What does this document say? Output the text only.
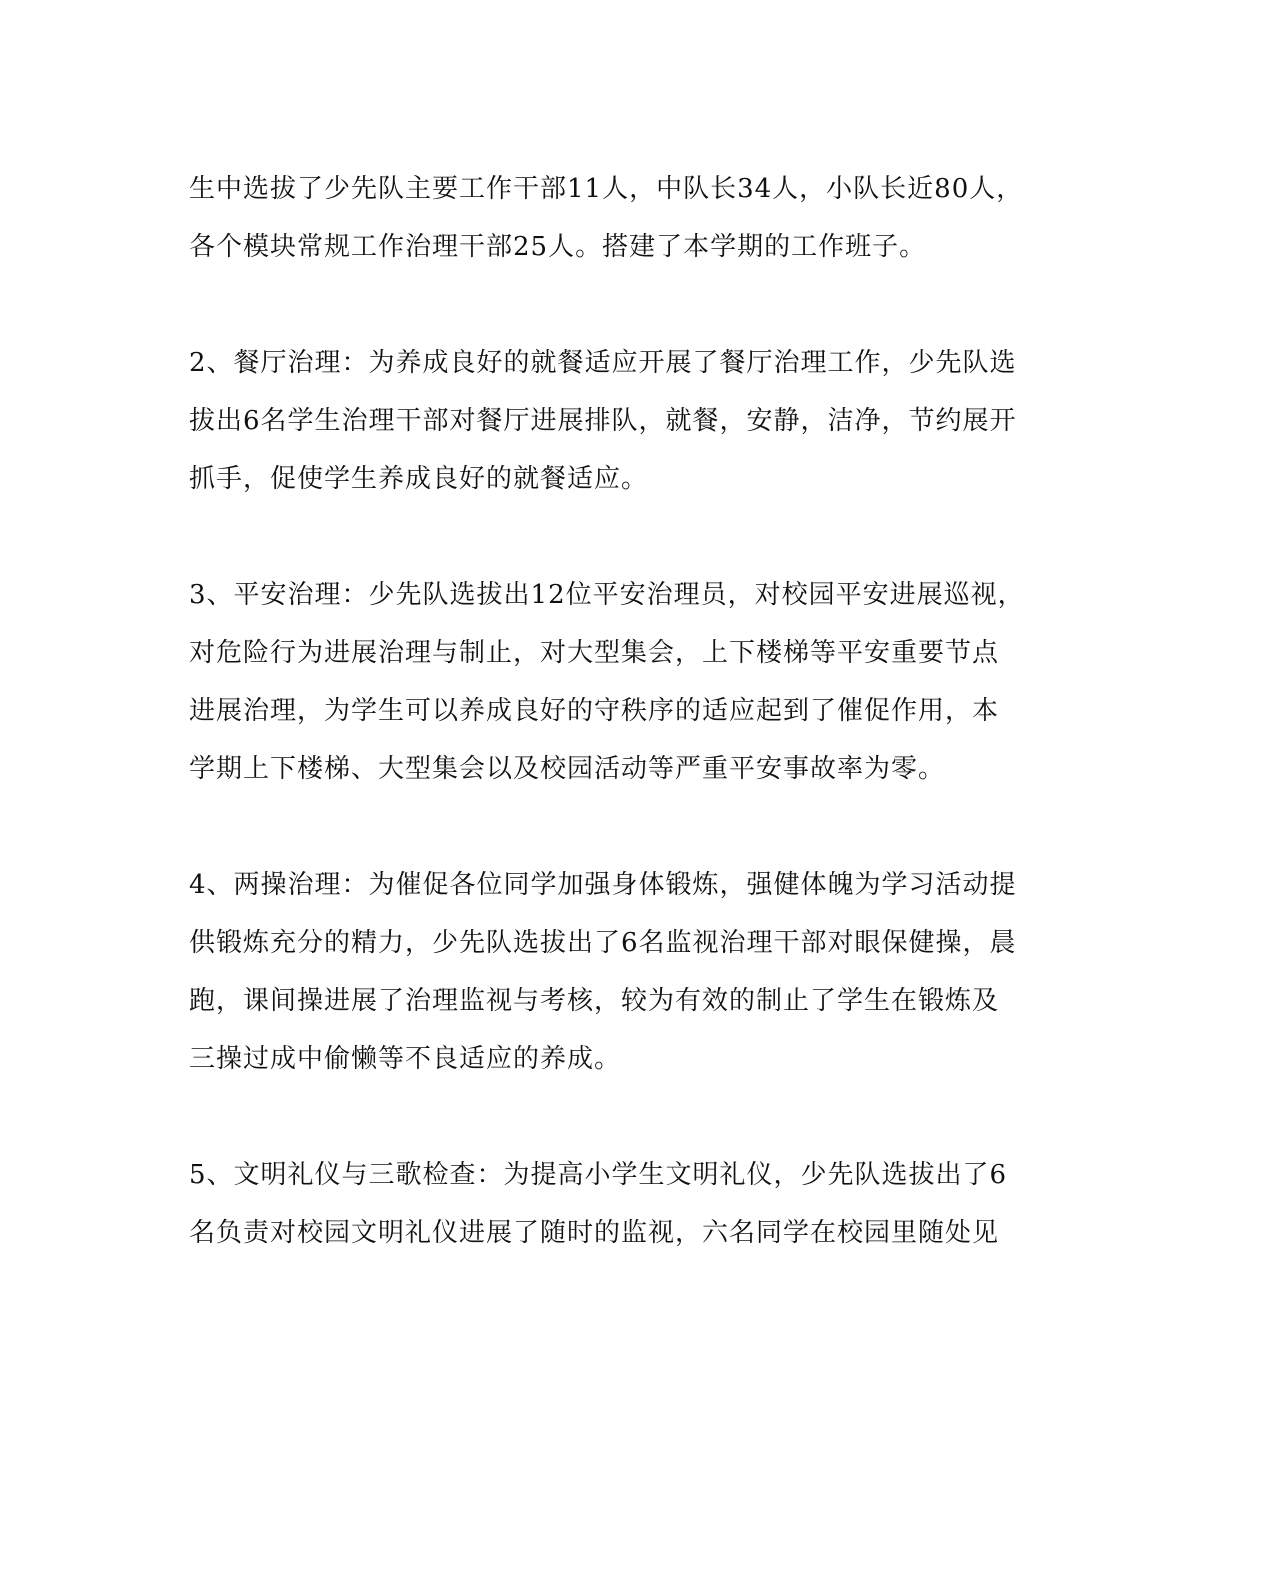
生中选拔了少先队主要工作干部11人，中队长34人，小队长近80人，
各个模块常规工作治理干部25人。搭建了本学期的工作班子。
2、餐厅治理：为养成良好的就餐适应开展了餐厅治理工作，少先队选
拔出6名学生治理干部对餐厅进展排队，就餐，安静，洁净，节约展开
抓手，促使学生养成良好的就餐适应。
3、平安治理：少先队选拔出12位平安治理员，对校园平安进展巡视，
对危险行为进展治理与制止，对大型集会，上下楼梯等平安重要节点
进展治理，为学生可以养成良好的守秩序的适应起到了催促作用，本
学期上下楼梯、大型集会以及校园活动等严重平安事故率为零。
4、两操治理：为催促各位同学加强身体锻炼，强健体魄为学习活动提
供锻炼充分的精力，少先队选拔出了6名监视治理干部对眼保健操，晨
跑，课间操进展了治理监视与考核，较为有效的制止了学生在锻炼及
三操过成中偷懒等不良适应的养成。
5、文明礼仪与三歌检查：为提高小学生文明礼仪，少先队选拔出了6
名负责对校园文明礼仪进展了随时的监视，六名同学在校园里随处见
